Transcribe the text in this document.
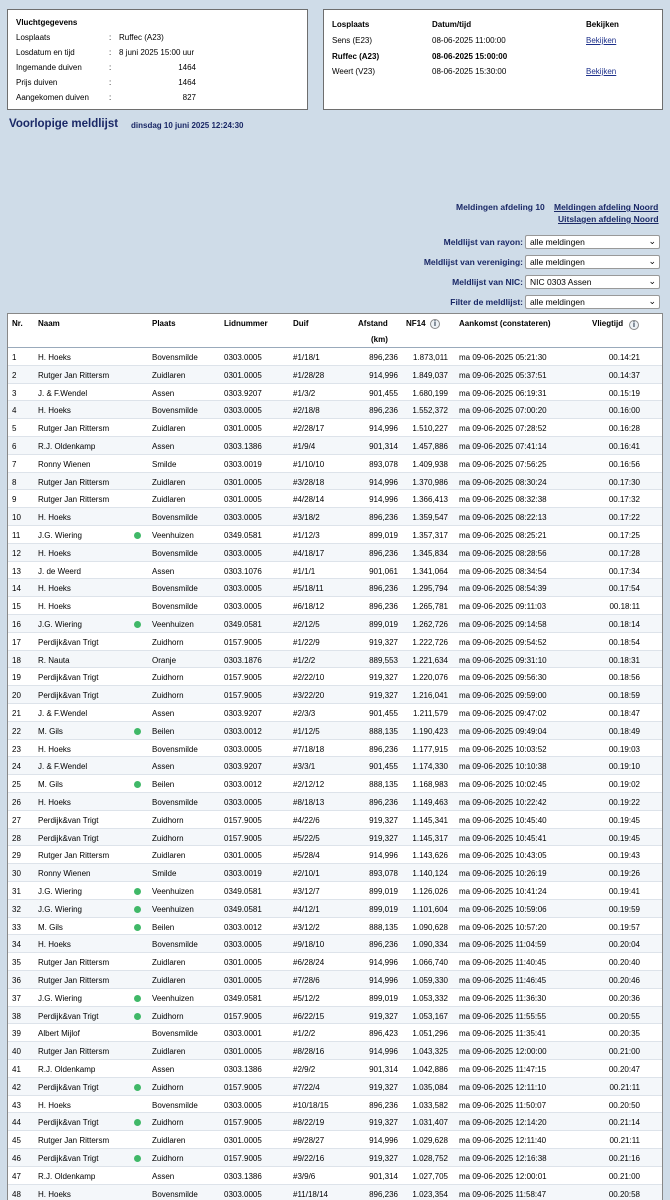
Vluchtgegevens
Losplaats	: Ruffec (A23)
Losdatum en tijd	: 8 juni 2025 15:00 uur
Ingemande duiven	:	1464
Prijs duiven	:	1464
Aangekomen duiven	:	827
Losplaats	Datum/tijd	Bekijken
Sens (E23)	08-06-2025 11:00:00	Bekijken
Ruffec (A23)	08-06-2025 15:00:00
Weert (V23)	08-06-2025 15:30:00	Bekijken
Voorlopige meldlijst dinsdag 10 juni 2025 12:24:30
Meldingen afdeling 10 Meldingen afdeling Noord
Uitslagen afdeling Noord
Meldlijst van rayon: alle meldingen	⌄
Meldlijst van vereniging: alle meldingen	⌄
Meldlijst van NIC: NIC 0303 Assen	⌄
Filter de meldlijst: alle meldingen	⌄
Nr. Naam	Plaats	Lidnummer	Duif	Afstand
(km)
NF14	i	Aankomst (constateren)	Vliegtijd	i
1	H. Hoeks	Bovensmilde	0303.0005	#1/18/1	896,236 1.873,011 ma 09-06-2025 05:21:30	00.14:21
2	Rutger Jan Rittersm	Zuidlaren	0301.0005	#1/28/28	914,996 1.849,037 ma 09-06-2025 05:37:51	00.14:37
3	J. & F.Wendel	Assen	0303.9207	#1/3/2	901,455 1.680,199 ma 09-06-2025 06:19:31	00.15:19
4	H. Hoeks	Bovensmilde	0303.0005	#2/18/8	896,236 1.552,372 ma 09-06-2025 07:00:20	00.16:00
5	Rutger Jan Rittersm	Zuidlaren	0301.0005	#2/28/17	914,996 1.510,227 ma 09-06-2025 07:28:52	00.16:28
6	R.J. Oldenkamp	Assen	0303.1386	#1/9/4	901,314 1.457,886 ma 09-06-2025 07:41:14	00.16:41
7	Ronny Wienen	Smilde	0303.0019	#1/10/10	893,078 1.409,938 ma 09-06-2025 07:56:25	00.16:56
8	Rutger Jan Rittersm	Zuidlaren	0301.0005	#3/28/18	914,996 1.370,986 ma 09-06-2025 08:30:24	00.17:30
9	Rutger Jan Rittersm	Zuidlaren	0301.0005	#4/28/14	914,996 1.366,413 ma 09-06-2025 08:32:38	00.17:32
10 H. Hoeks	Bovensmilde	0303.0005	#3/18/2	896,236 1.359,547 ma 09-06-2025 08:22:13	00.17:22
11 J.G. Wiering	Veenhuizen	0349.0581	#1/12/3	899,019 1.357,317 ma 09-06-2025 08:25:21	00.17:25
12 H. Hoeks	Bovensmilde	0303.0005	#4/18/17	896,236 1.345,834 ma 09-06-2025 08:28:56	00.17:28
13 J. de Weerd	Assen	0303.1076	#1/1/1	901,061 1.341,064 ma 09-06-2025 08:34:54	00.17:34
14 H. Hoeks	Bovensmilde	0303.0005	#5/18/11	896,236 1.295,794 ma 09-06-2025 08:54:39	00.17:54
15 H. Hoeks	Bovensmilde	0303.0005	#6/18/12	896,236 1.265,781 ma 09-06-2025 09:11:03	00.18:11
16 J.G. Wiering	Veenhuizen	0349.0581	#2/12/5	899,019 1.262,726 ma 09-06-2025 09:14:58	00.18:14
17 Perdijk&van Trigt	Zuidhorn	0157.9005	#1/22/9	919,327 1.222,726 ma 09-06-2025 09:54:52	00.18:54
18 R. Nauta	Oranje	0303.1876	#1/2/2	889,553 1.221,634 ma 09-06-2025 09:31:10	00.18:31
19 Perdijk&van Trigt	Zuidhorn	0157.9005	#2/22/10	919,327 1.220,076 ma 09-06-2025 09:56:30	00.18:56
20 Perdijk&van Trigt	Zuidhorn	0157.9005	#3/22/20	919,327 1.216,041 ma 09-06-2025 09:59:00	00.18:59
21 J. & F.Wendel	Assen	0303.9207	#2/3/3	901,455 1.211,579 ma 09-06-2025 09:47:02	00.18:47
22 M. Gils	Beilen	0303.0012	#1/12/5	888,135 1.190,423 ma 09-06-2025 09:49:04	00.18:49
23 H. Hoeks	Bovensmilde	0303.0005	#7/18/18	896,236 1.177,915 ma 09-06-2025 10:03:52	00.19:03
24 J. & F.Wendel	Assen	0303.9207	#3/3/1	901,455 1.174,330 ma 09-06-2025 10:10:38	00.19:10
25 M. Gils	Beilen	0303.0012	#2/12/12	888,135 1.168,983 ma 09-06-2025 10:02:45	00.19:02
26 H. Hoeks	Bovensmilde	0303.0005	#8/18/13	896,236 1.149,463 ma 09-06-2025 10:22:42	00.19:22
27 Perdijk&van Trigt	Zuidhorn	0157.9005	#4/22/6	919,327 1.145,341 ma 09-06-2025 10:45:40	00.19:45
28 Perdijk&van Trigt	Zuidhorn	0157.9005	#5/22/5	919,327 1.145,317 ma 09-06-2025 10:45:41	00.19:45
29 Rutger Jan Rittersm	Zuidlaren	0301.0005	#5/28/4	914,996 1.143,626 ma 09-06-2025 10:43:05	00.19:43
30 Ronny Wienen	Smilde	0303.0019	#2/10/1	893,078 1.140,124 ma 09-06-2025 10:26:19	00.19:26
31 J.G. Wiering	Veenhuizen	0349.0581	#3/12/7	899,019 1.126,026 ma 09-06-2025 10:41:24	00.19:41
32 J.G. Wiering	Veenhuizen	0349.0581	#4/12/1	899,019 1.101,604 ma 09-06-2025 10:59:06	00.19:59
33 M. Gils	Beilen	0303.0012	#3/12/2	888,135 1.090,628 ma 09-06-2025 10:57:20	00.19:57
34 H. Hoeks	Bovensmilde	0303.0005	#9/18/10	896,236 1.090,334 ma 09-06-2025 11:04:59	00.20:04
35 Rutger Jan Rittersm	Zuidlaren	0301.0005	#6/28/24	914,996 1.066,740 ma 09-06-2025 11:40:45	00.20:40
36 Rutger Jan Rittersm	Zuidlaren	0301.0005	#7/28/6	914,996 1.059,330 ma 09-06-2025 11:46:45	00.20:46
37 J.G. Wiering	Veenhuizen	0349.0581	#5/12/2	899,019 1.053,332 ma 09-06-2025 11:36:30	00.20:36
38 Perdijk&van Trigt	Zuidhorn	0157.9005	#6/22/15	919,327 1.053,167 ma 09-06-2025 11:55:55	00.20:55
39 Albert Mijlof	Bovensmilde	0303.0001	#1/2/2	896,423 1.051,296 ma 09-06-2025 11:35:41	00.20:35
40 Rutger Jan Rittersm	Zuidlaren	0301.0005	#8/28/16	914,996 1.043,325 ma 09-06-2025 12:00:00	00.21:00
41 R.J. Oldenkamp	Assen	0303.1386	#2/9/2	901,314 1.042,886 ma 09-06-2025 11:47:15	00.20:47
42 Perdijk&van Trigt	Zuidhorn	0157.9005	#7/22/4	919,327 1.035,084 ma 09-06-2025 12:11:10	00.21:11
43 H. Hoeks	Bovensmilde	0303.0005	#10/18/15	896,236 1.033,582 ma 09-06-2025 11:50:07	00.20:50
44 Perdijk&van Trigt	Zuidhorn	0157.9005	#8/22/19	919,327 1.031,407 ma 09-06-2025 12:14:20	00.21:14
45 Rutger Jan Rittersm	Zuidlaren	0301.0005	#9/28/27	914,996 1.029,628 ma 09-06-2025 12:11:40	00.21:11
46 Perdijk&van Trigt	Zuidhorn	0157.9005	#9/22/16	919,327 1.028,752 ma 09-06-2025 12:16:38	00.21:16
47 R.J. Oldenkamp	Assen	0303.1386	#3/9/6	901,314 1.027,705 ma 09-06-2025 12:00:01	00.21:00
48 H. Hoeks	Bovensmilde	0303.0005	#11/18/14	896,236 1.023,354 ma 09-06-2025 11:58:47	00.20:58
